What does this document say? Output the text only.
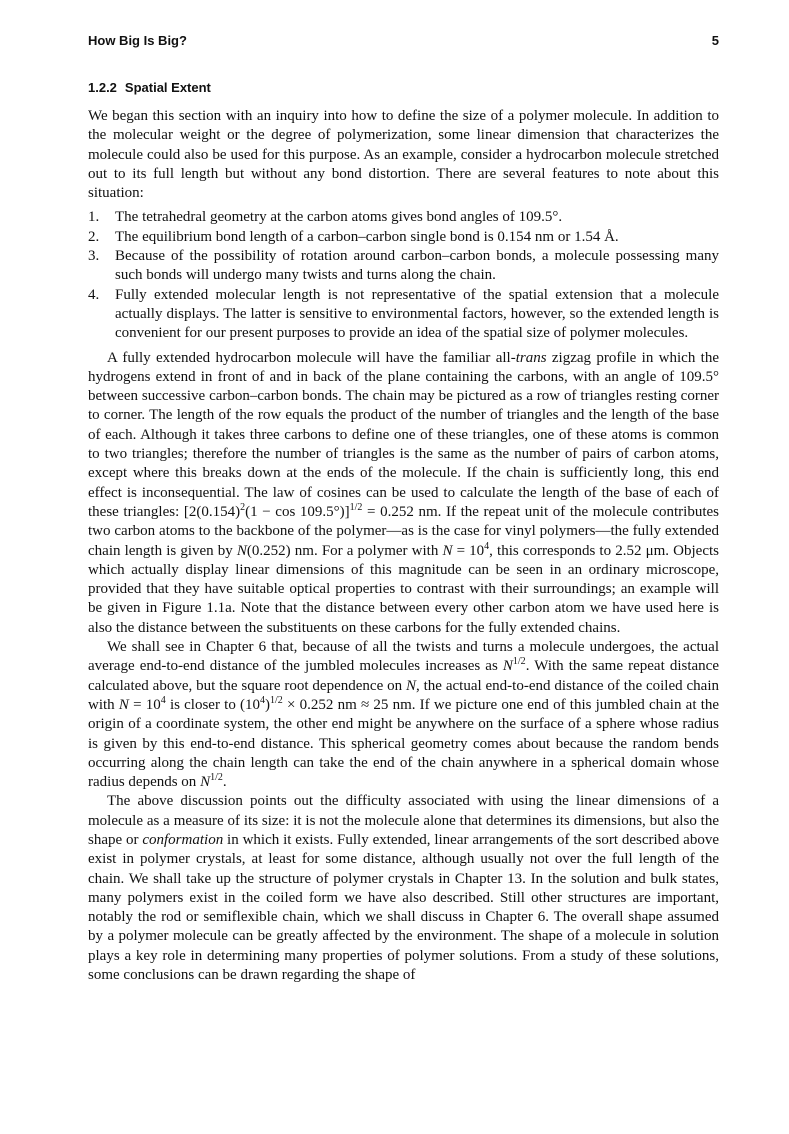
How Big Is Big?	5
1.2.2 Spatial Extent

We began this section with an inquiry into how to define the size of a polymer molecule. In addition to the molecular weight or the degree of polymerization, some linear dimension that characterizes the molecule could also be used for this purpose. As an example, consider a hydrocarbon molecule stretched out to its full length but without any bond distortion. There are several features to note about this situation:

1. The tetrahedral geometry at the carbon atoms gives bond angles of 109.5°.
2. The equilibrium bond length of a carbon–carbon single bond is 0.154 nm or 1.54 Å.
3. Because of the possibility of rotation around carbon–carbon bonds, a molecule possessing many such bonds will undergo many twists and turns along the chain.
4. Fully extended molecular length is not representative of the spatial extension that a molecule actually displays. The latter is sensitive to environmental factors, however, so the extended length is convenient for our present purposes to provide an idea of the spatial size of polymer molecules.

A fully extended hydrocarbon molecule will have the familiar all-trans zigzag profile in which the hydrogens extend in front of and in back of the plane containing the carbons, with an angle of 109.5° between successive carbon–carbon bonds. The chain may be pictured as a row of triangles resting corner to corner. The length of the row equals the product of the number of triangles and the length of the base of each. Although it takes three carbons to define one of these triangles, one of these atoms is common to two triangles; therefore the number of triangles is the same as the number of pairs of carbon atoms, except where this breaks down at the ends of the molecule. If the chain is sufficiently long, this end effect is inconsequential. The law of cosines can be used to calculate the length of the base of each of these triangles: $[2(0.154)^2(1 - \cos 109.5^\circ)]^{1/2} = 0.252$ nm. If the repeat unit of the molecule contributes two carbon atoms to the backbone of the polymer—as is the case for vinyl polymers—the fully extended chain length is given by N(0.252) nm. For a polymer with $N = 10^4$, this corresponds to 2.52 μm. Objects which actually display linear dimensions of this magnitude can be seen in an ordinary microscope, provided that they have suitable optical properties to contrast with their surroundings; an example will be given in Figure 1.1a. Note that the distance between every other carbon atom we have used here is also the distance between the substituents on these carbons for the fully extended chains.

We shall see in Chapter 6 that, because of all the twists and turns a molecule undergoes, the actual average end-to-end distance of the jumbled molecules increases as $N^{1/2}$. With the same repeat distance calculated above, but the square root dependence on N, the actual end-to-end distance of the coiled chain with $N = 10^4$ is closer to $(10^4)^{1/2} \times 0.252$ nm ≈ 25 nm. If we picture one end of this jumbled chain at the origin of a coordinate system, the other end might be anywhere on the surface of a sphere whose radius is given by this end-to-end distance. This spherical geometry comes about because the random bends occurring along the chain length can take the end of the chain anywhere in a spherical domain whose radius depends on $N^{1/2}$.

The above discussion points out the difficulty associated with using the linear dimensions of a molecule as a measure of its size: it is not the molecule alone that determines its dimensions, but also the shape or conformation in which it exists. Fully extended, linear arrangements of the sort described above exist in polymer crystals, at least for some distance, although usually not over the full length of the chain. We shall take up the structure of polymer crystals in Chapter 13. In the solution and bulk states, many polymers exist in the coiled form we have also described. Still other structures are important, notably the rod or semiflexible chain, which we shall discuss in Chapter 6. The overall shape assumed by a polymer molecule can be greatly affected by the environment. The shape of a molecule in solution plays a key role in determining many properties of polymer solutions. From a study of these solutions, some conclusions can be drawn regarding the shape of
